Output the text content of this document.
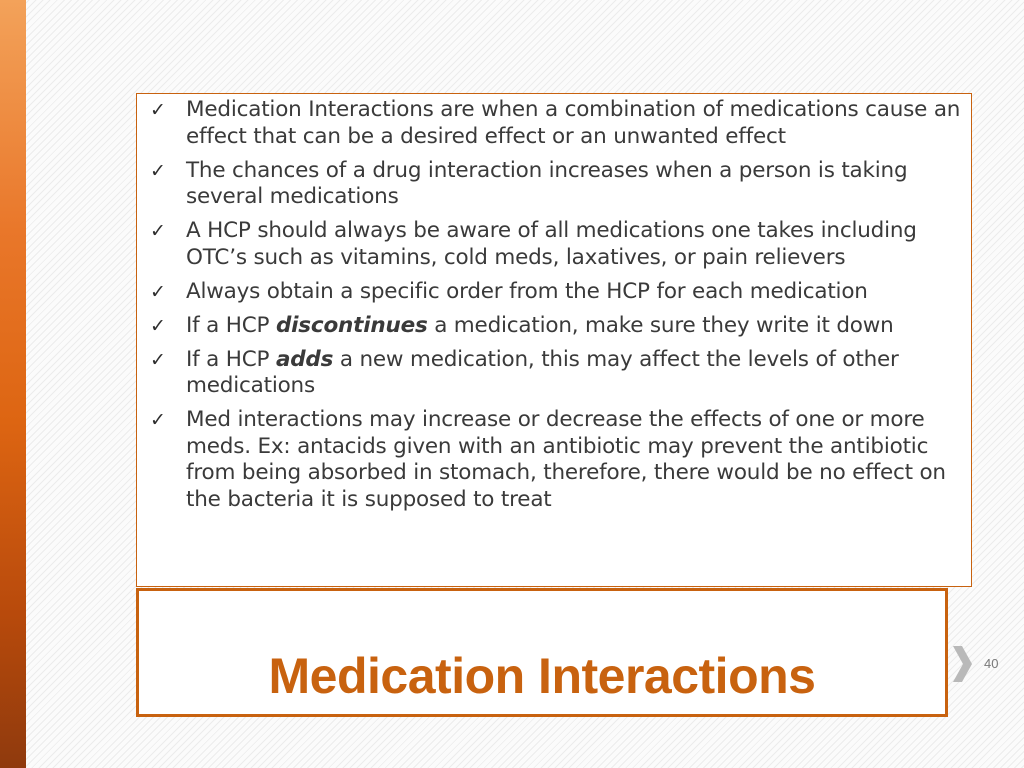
✓ Medication Interactions are when a combination of medications cause an effect that can be a desired effect or an unwanted effect
✓ The chances of a drug interaction increases when a person is taking several medications
✓ A HCP should always be aware of all medications one takes including OTC’s such as vitamins, cold meds, laxatives, or pain relievers
✓ Always obtain a specific order from the HCP for each medication
✓ If a HCP discontinues a medication, make sure they write it down
✓ If a HCP adds a new medication, this may affect the levels of other medications
✓ Med interactions may increase or decrease the effects of one or more meds. Ex: antacids given with an antibiotic may prevent the antibiotic from being absorbed in stomach, therefore, there would be no effect on the bacteria it is supposed to treat
Medication Interactions	40
